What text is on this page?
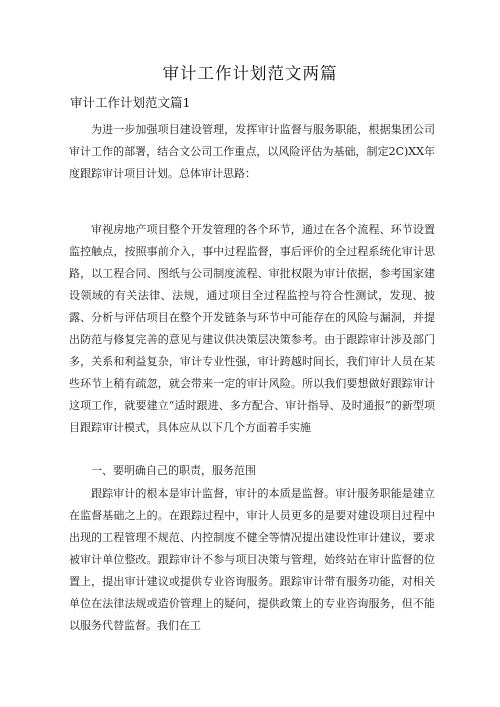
审计工作计划范文两篇
审计工作计划范文篇1

为进一步加强项目建设管理，发挥审计监督与服务职能，根据集团公司审计工作的部署，结合文公司工作重点，以风险评估为基础，制定2C)XX年度跟踪审计项目计划。总体审计思路：

审视房地产项目整个开发管理的各个环节，通过在各个流程、环节设置监控触点，按照事前介入，事中过程监督，事后评价的全过程系统化审计思路，以工程合同、图纸与公司制度流程、审批权限为审计依据，参考国家建设领域的有关法律、法规，通过项目全过程监控与符合性测试，发现、披露、分析与评估项目在整个开发链条与环节中可能存在的风险与漏洞，并提出防范与修复完善的意见与建议供决策层决策参考。由于跟踪审计涉及部门多，关系和利益复杂，审计专业性强，审计跨越时间长，我们审计人员在某些环节上稍有疏忽，就会带来一定的审计风险。所以我们要想做好跟踪审计这项工作，就要建立“适时跟进、多方配合、审计指导、及时通报”的新型项目跟踪审计模式，具体应从以下几个方面着手实施

一、要明确自己的职责，服务范围

跟踪审计的根本是审计监督，审计的本质是监督。审计服务职能是建立在监督基础之上的。在跟踪过程中，审计人员更多的是要对建设项目过程中出现的工程管理不规范、内控制度不健全等情况提出建设性审计建议，要求被审计单位整改。跟踪审计不参与项目决策与管理，始终站在审计监督的位置上，提出审计建议或提供专业咨询服务。跟踪审计带有服务功能，对相关单位在法律法规或造价管理上的疑问，提供政策上的专业咨询服务，但不能以服务代替监督。我们在工
